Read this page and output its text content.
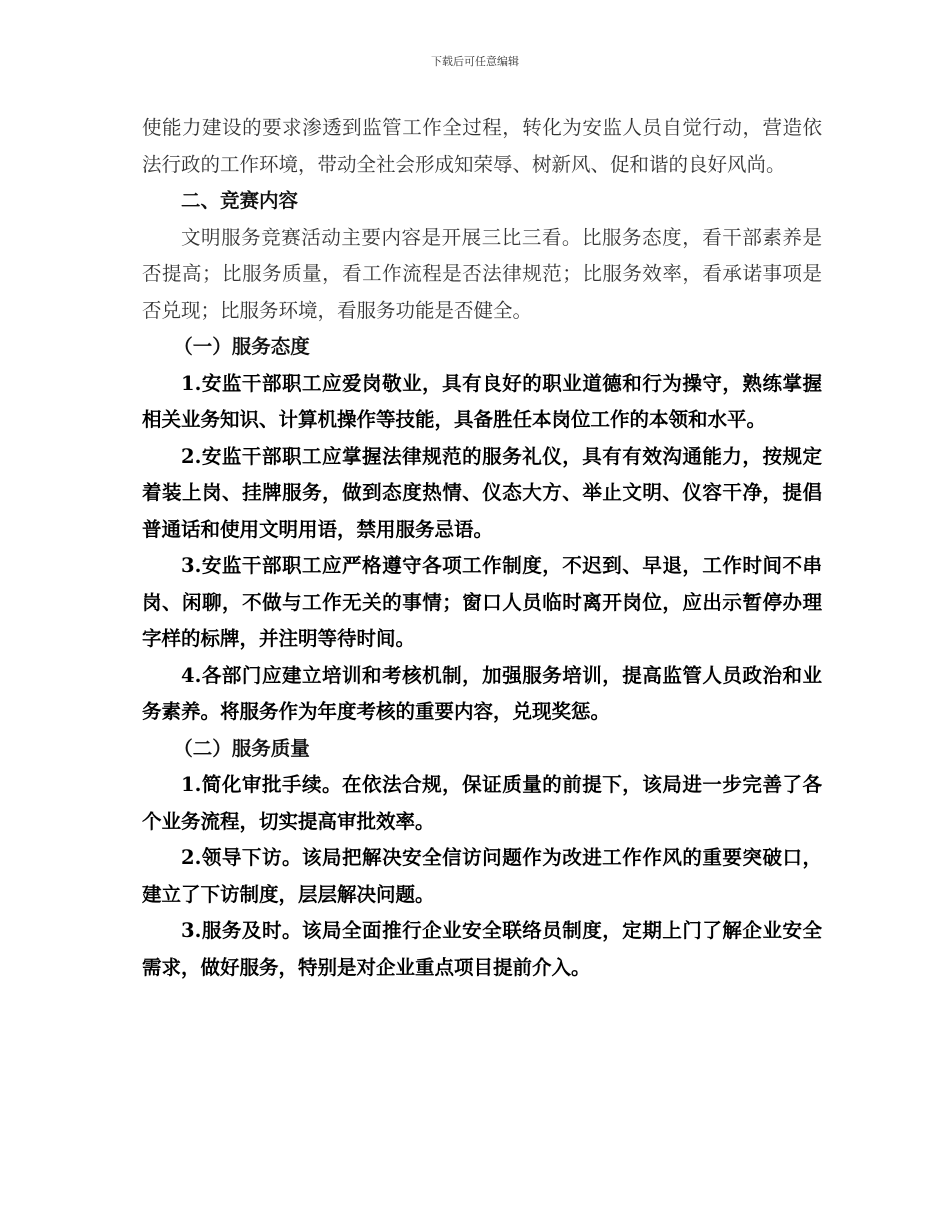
下载后可任意编辑

使能力建设的要求渗透到监管工作全过程，转化为安监人员自觉行动，营造依法行政的工作环境，带动全社会形成知荣辱、树新风、促和谐的良好风尚。

二、竞赛内容

文明服务竞赛活动主要内容是开展三比三看。比服务态度，看干部素养是否提高；比服务质量，看工作流程是否法律规范；比服务效率，看承诺事项是否兑现；比服务环境，看服务功能是否健全。

（一）服务态度

1.安监干部职工应爱岗敬业，具有良好的职业道德和行为操守，熟练掌握相关业务知识、计算机操作等技能，具备胜任本岗位工作的本领和水平。

2.安监干部职工应掌握法律规范的服务礼仪，具有有效沟通能力，按规定着装上岗、挂牌服务，做到态度热情、仪态大方、举止文明、仪容干净，提倡普通话和使用文明用语，禁用服务忌语。

3.安监干部职工应严格遵守各项工作制度，不迟到、早退，工作时间不串岗、闲聊，不做与工作无关的事情；窗口人员临时离开岗位，应出示暂停办理字样的标牌，并注明等待时间。

4.各部门应建立培训和考核机制，加强服务培训，提高监管人员政治和业务素养。将服务作为年度考核的重要内容，兑现奖惩。

（二）服务质量

1.简化审批手续。在依法合规，保证质量的前提下，该局进一步完善了各个业务流程，切实提高审批效率。

2.领导下访。该局把解决安全信访问题作为改进工作作风的重要突破口，建立了下访制度，层层解决问题。

3.服务及时。该局全面推行企业安全联络员制度，定期上门了解企业安全需求，做好服务，特别是对企业重点项目提前介入。
